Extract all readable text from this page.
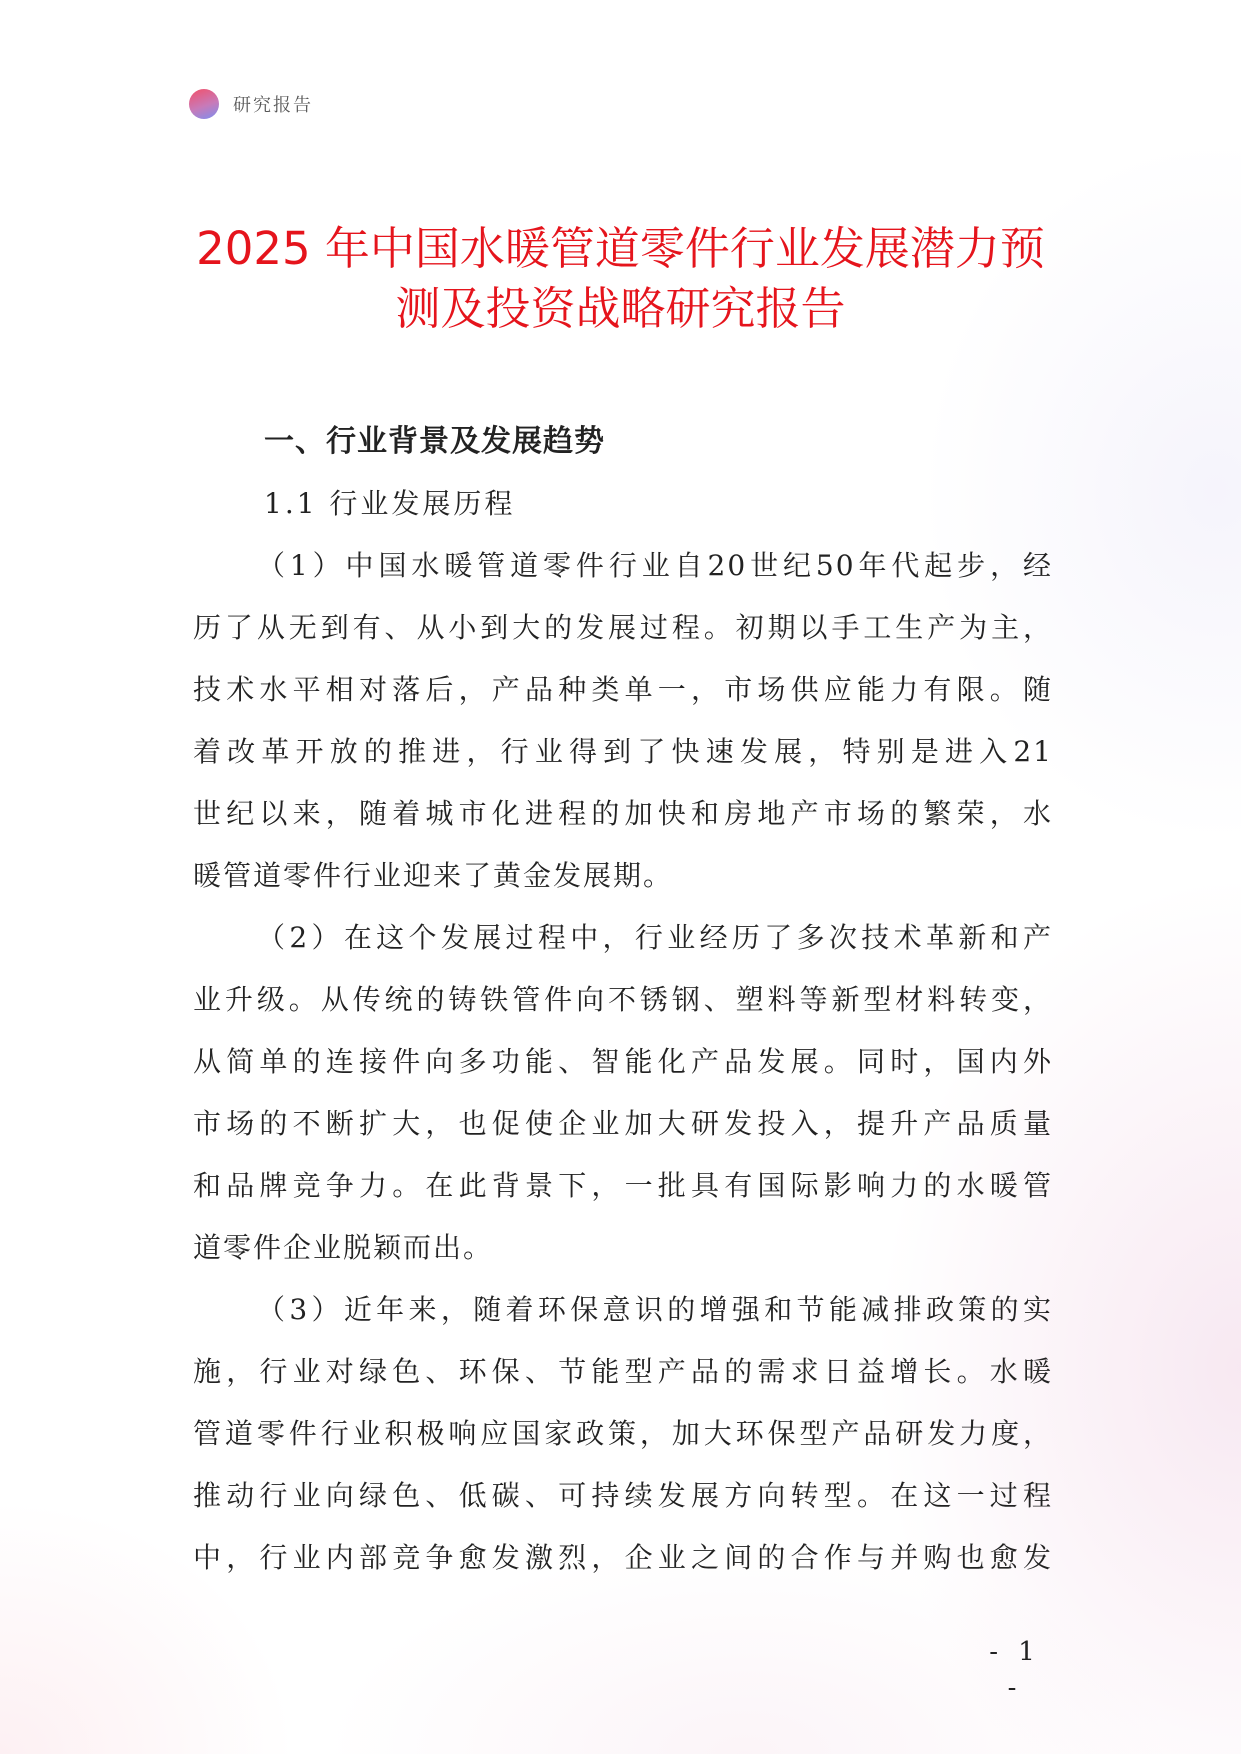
研究报告
2025 年中国水暖管道零件行业发展潜力预
测及投资战略研究报告
一、行业背景及发展趋势
1.1 行业发展历程
（1）中国水暖管道零件行业自20世纪50年代起步，经
历了从无到有、从小到大的发展过程。初期以手工生产为主，
技术水平相对落后，产品种类单一，市场供应能力有限。随
着改革开放的推进，行业得到了快速发展，特别是进入21
世纪以来，随着城市化进程的加快和房地产市场的繁荣，水
暖管道零件行业迎来了黄金发展期。
（2）在这个发展过程中，行业经历了多次技术革新和产
业升级。从传统的铸铁管件向不锈钢、塑料等新型材料转变，
从简单的连接件向多功能、智能化产品发展。同时，国内外
市场的不断扩大，也促使企业加大研发投入，提升产品质量
和品牌竞争力。在此背景下，一批具有国际影响力的水暖管
道零件企业脱颖而出。
（3）近年来，随着环保意识的增强和节能减排政策的实
施，行业对绿色、环保、节能型产品的需求日益增长。水暖
管道零件行业积极响应国家政策，加大环保型产品研发力度，
推动行业向绿色、低碳、可持续发展方向转型。在这一过程
中，行业内部竞争愈发激烈，企业之间的合作与并购也愈发
- 1 -
